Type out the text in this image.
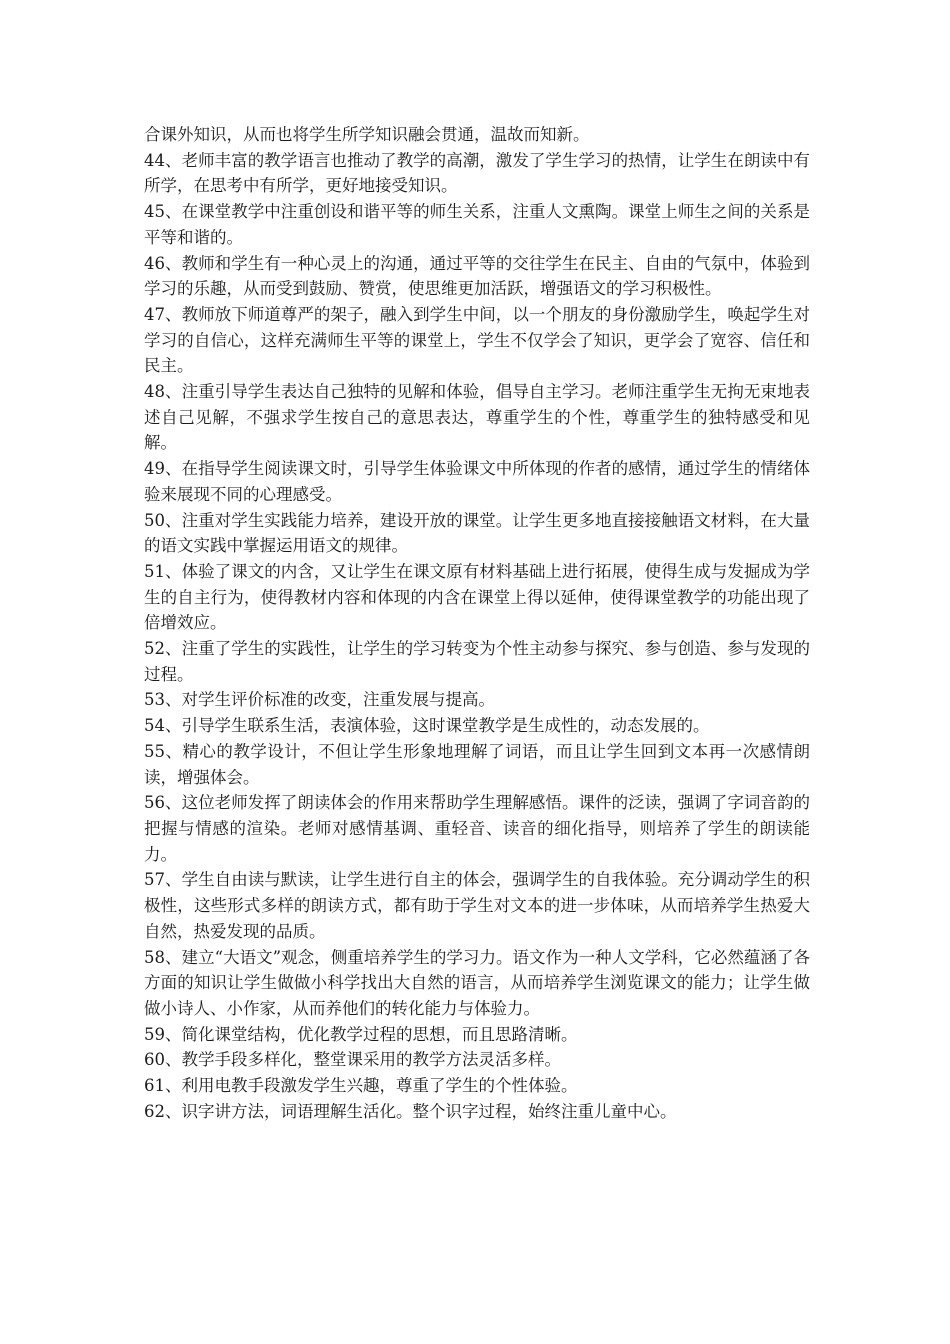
合课外知识，从而也将学生所学知识融会贯通，温故而知新。

44、老师丰富的教学语言也推动了教学的高潮，激发了学生学习的热情，让学生在朗读中有所学，在思考中有所学，更好地接受知识。

45、在课堂教学中注重创设和谐平等的师生关系，注重人文熏陶。课堂上师生之间的关系是平等和谐的。

46、教师和学生有一种心灵上的沟通，通过平等的交往学生在民主、自由的气氛中，体验到学习的乐趣，从而受到鼓励、赞赏，使思维更加活跃，增强语文的学习积极性。

47、教师放下师道尊严的架子，融入到学生中间，以一个朋友的身份激励学生，唤起学生对学习的自信心，这样充满师生平等的课堂上，学生不仅学会了知识，更学会了宽容、信任和民主。

48、注重引导学生表达自己独特的见解和体验，倡导自主学习。老师注重学生无拘无束地表述自己见解，不强求学生按自己的意思表达，尊重学生的个性，尊重学生的独特感受和见解。

49、在指导学生阅读课文时，引导学生体验课文中所体现的作者的感情，通过学生的情绪体验来展现不同的心理感受。

50、注重对学生实践能力培养，建设开放的课堂。让学生更多地直接接触语文材料，在大量的语文实践中掌握运用语文的规律。

51、体验了课文的内含，又让学生在课文原有材料基础上进行拓展，使得生成与发掘成为学生的自主行为，使得教材内容和体现的内含在课堂上得以延伸，使得课堂教学的功能出现了倍增效应。

52、注重了学生的实践性，让学生的学习转变为个性主动参与探究、参与创造、参与发现的过程。

53、对学生评价标准的改变，注重发展与提高。

54、引导学生联系生活，表演体验，这时课堂教学是生成性的，动态发展的。

55、精心的教学设计，不但让学生形象地理解了词语，而且让学生回到文本再一次感情朗读，增强体会。

56、这位老师发挥了朗读体会的作用来帮助学生理解感悟。课件的泛读，强调了字词音韵的把握与情感的渲染。老师对感情基调、重轻音、读音的细化指导，则培养了学生的朗读能力。

57、学生自由读与默读，让学生进行自主的体会，强调学生的自我体验。充分调动学生的积极性，这些形式多样的朗读方式，都有助于学生对文本的进一步体味，从而培养学生热爱大自然，热爱发现的品质。

58、建立“大语文”观念，侧重培养学生的学习力。语文作为一种人文学科，它必然蕴涵了各方面的知识让学生做做小科学找出大自然的语言，从而培养学生浏览课文的能力；让学生做做小诗人、小作家，从而养他们的转化能力与体验力。

59、简化课堂结构，优化教学过程的思想，而且思路清晰。

60、教学手段多样化，整堂课采用的教学方法灵活多样。

61、利用电教手段激发学生兴趣，尊重了学生的个性体验。

62、识字讲方法，词语理解生活化。整个识字过程，始终注重儿童中心。
